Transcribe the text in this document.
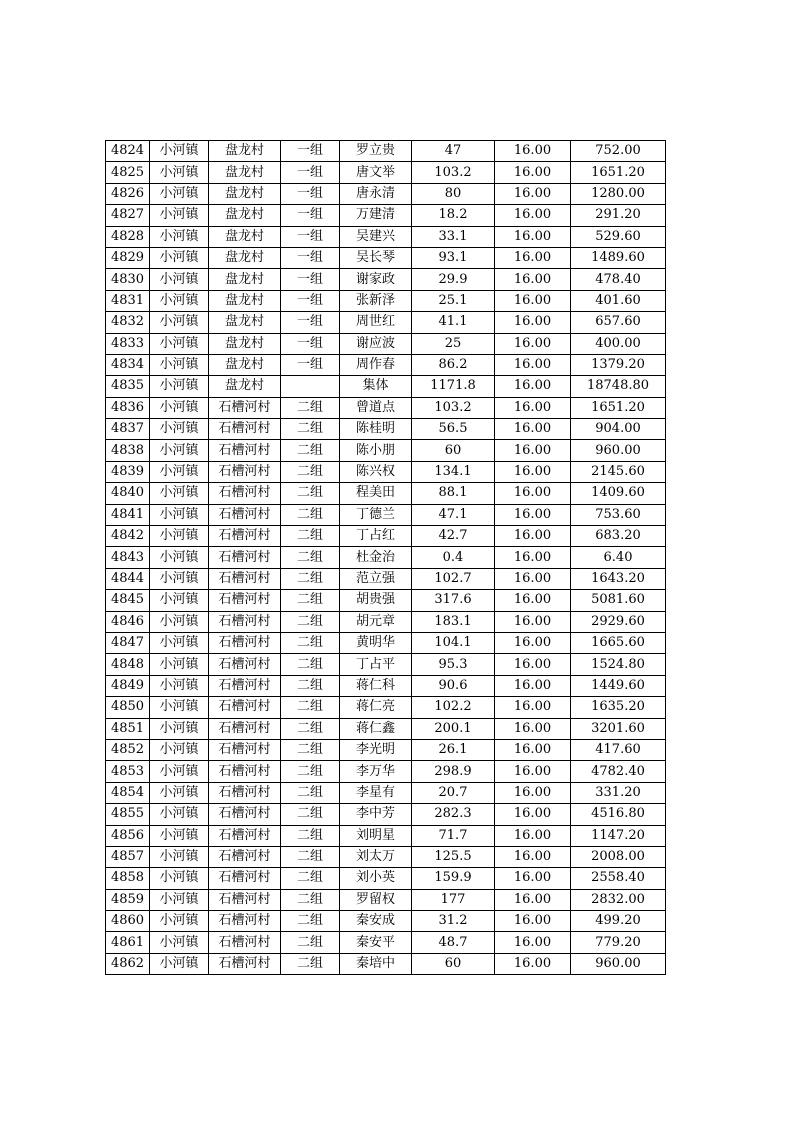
4824	小河镇	盘龙村	一组	罗立贵	47	16.00	752.00
4825	小河镇	盘龙村	一组	唐文举	103.2	16.00	1651.20
4826	小河镇	盘龙村	一组	唐永清	80	16.00	1280.00
4827	小河镇	盘龙村	一组	万建清	18.2	16.00	291.20
4828	小河镇	盘龙村	一组	吴建兴	33.1	16.00	529.60
4829	小河镇	盘龙村	一组	吴长琴	93.1	16.00	1489.60
4830	小河镇	盘龙村	一组	谢家政	29.9	16.00	478.40
4831	小河镇	盘龙村	一组	张新泽	25.1	16.00	401.60
4832	小河镇	盘龙村	一组	周世红	41.1	16.00	657.60
4833	小河镇	盘龙村	一组	谢应波	25	16.00	400.00
4834	小河镇	盘龙村	一组	周作春	86.2	16.00	1379.20
4835	小河镇	盘龙村		集体	1171.8	16.00	18748.80
4836	小河镇	石槽河村	二组	曾道点	103.2	16.00	1651.20
4837	小河镇	石槽河村	二组	陈桂明	56.5	16.00	904.00
4838	小河镇	石槽河村	二组	陈小朋	60	16.00	960.00
4839	小河镇	石槽河村	二组	陈兴权	134.1	16.00	2145.60
4840	小河镇	石槽河村	二组	程美田	88.1	16.00	1409.60
4841	小河镇	石槽河村	二组	丁德兰	47.1	16.00	753.60
4842	小河镇	石槽河村	二组	丁占红	42.7	16.00	683.20
4843	小河镇	石槽河村	二组	杜金治	0.4	16.00	6.40
4844	小河镇	石槽河村	二组	范立强	102.7	16.00	1643.20
4845	小河镇	石槽河村	二组	胡贵强	317.6	16.00	5081.60
4846	小河镇	石槽河村	二组	胡元章	183.1	16.00	2929.60
4847	小河镇	石槽河村	二组	黄明华	104.1	16.00	1665.60
4848	小河镇	石槽河村	二组	丁占平	95.3	16.00	1524.80
4849	小河镇	石槽河村	二组	蒋仁科	90.6	16.00	1449.60
4850	小河镇	石槽河村	二组	蒋仁亮	102.2	16.00	1635.20
4851	小河镇	石槽河村	二组	蒋仁鑫	200.1	16.00	3201.60
4852	小河镇	石槽河村	二组	李光明	26.1	16.00	417.60
4853	小河镇	石槽河村	二组	李万华	298.9	16.00	4782.40
4854	小河镇	石槽河村	二组	李星有	20.7	16.00	331.20
4855	小河镇	石槽河村	二组	李中芳	282.3	16.00	4516.80
4856	小河镇	石槽河村	二组	刘明星	71.7	16.00	1147.20
4857	小河镇	石槽河村	二组	刘太万	125.5	16.00	2008.00
4858	小河镇	石槽河村	二组	刘小英	159.9	16.00	2558.40
4859	小河镇	石槽河村	二组	罗留权	177	16.00	2832.00
4860	小河镇	石槽河村	二组	秦安成	31.2	16.00	499.20
4861	小河镇	石槽河村	二组	秦安平	48.7	16.00	779.20
4862	小河镇	石槽河村	二组	秦培中	60	16.00	960.00
